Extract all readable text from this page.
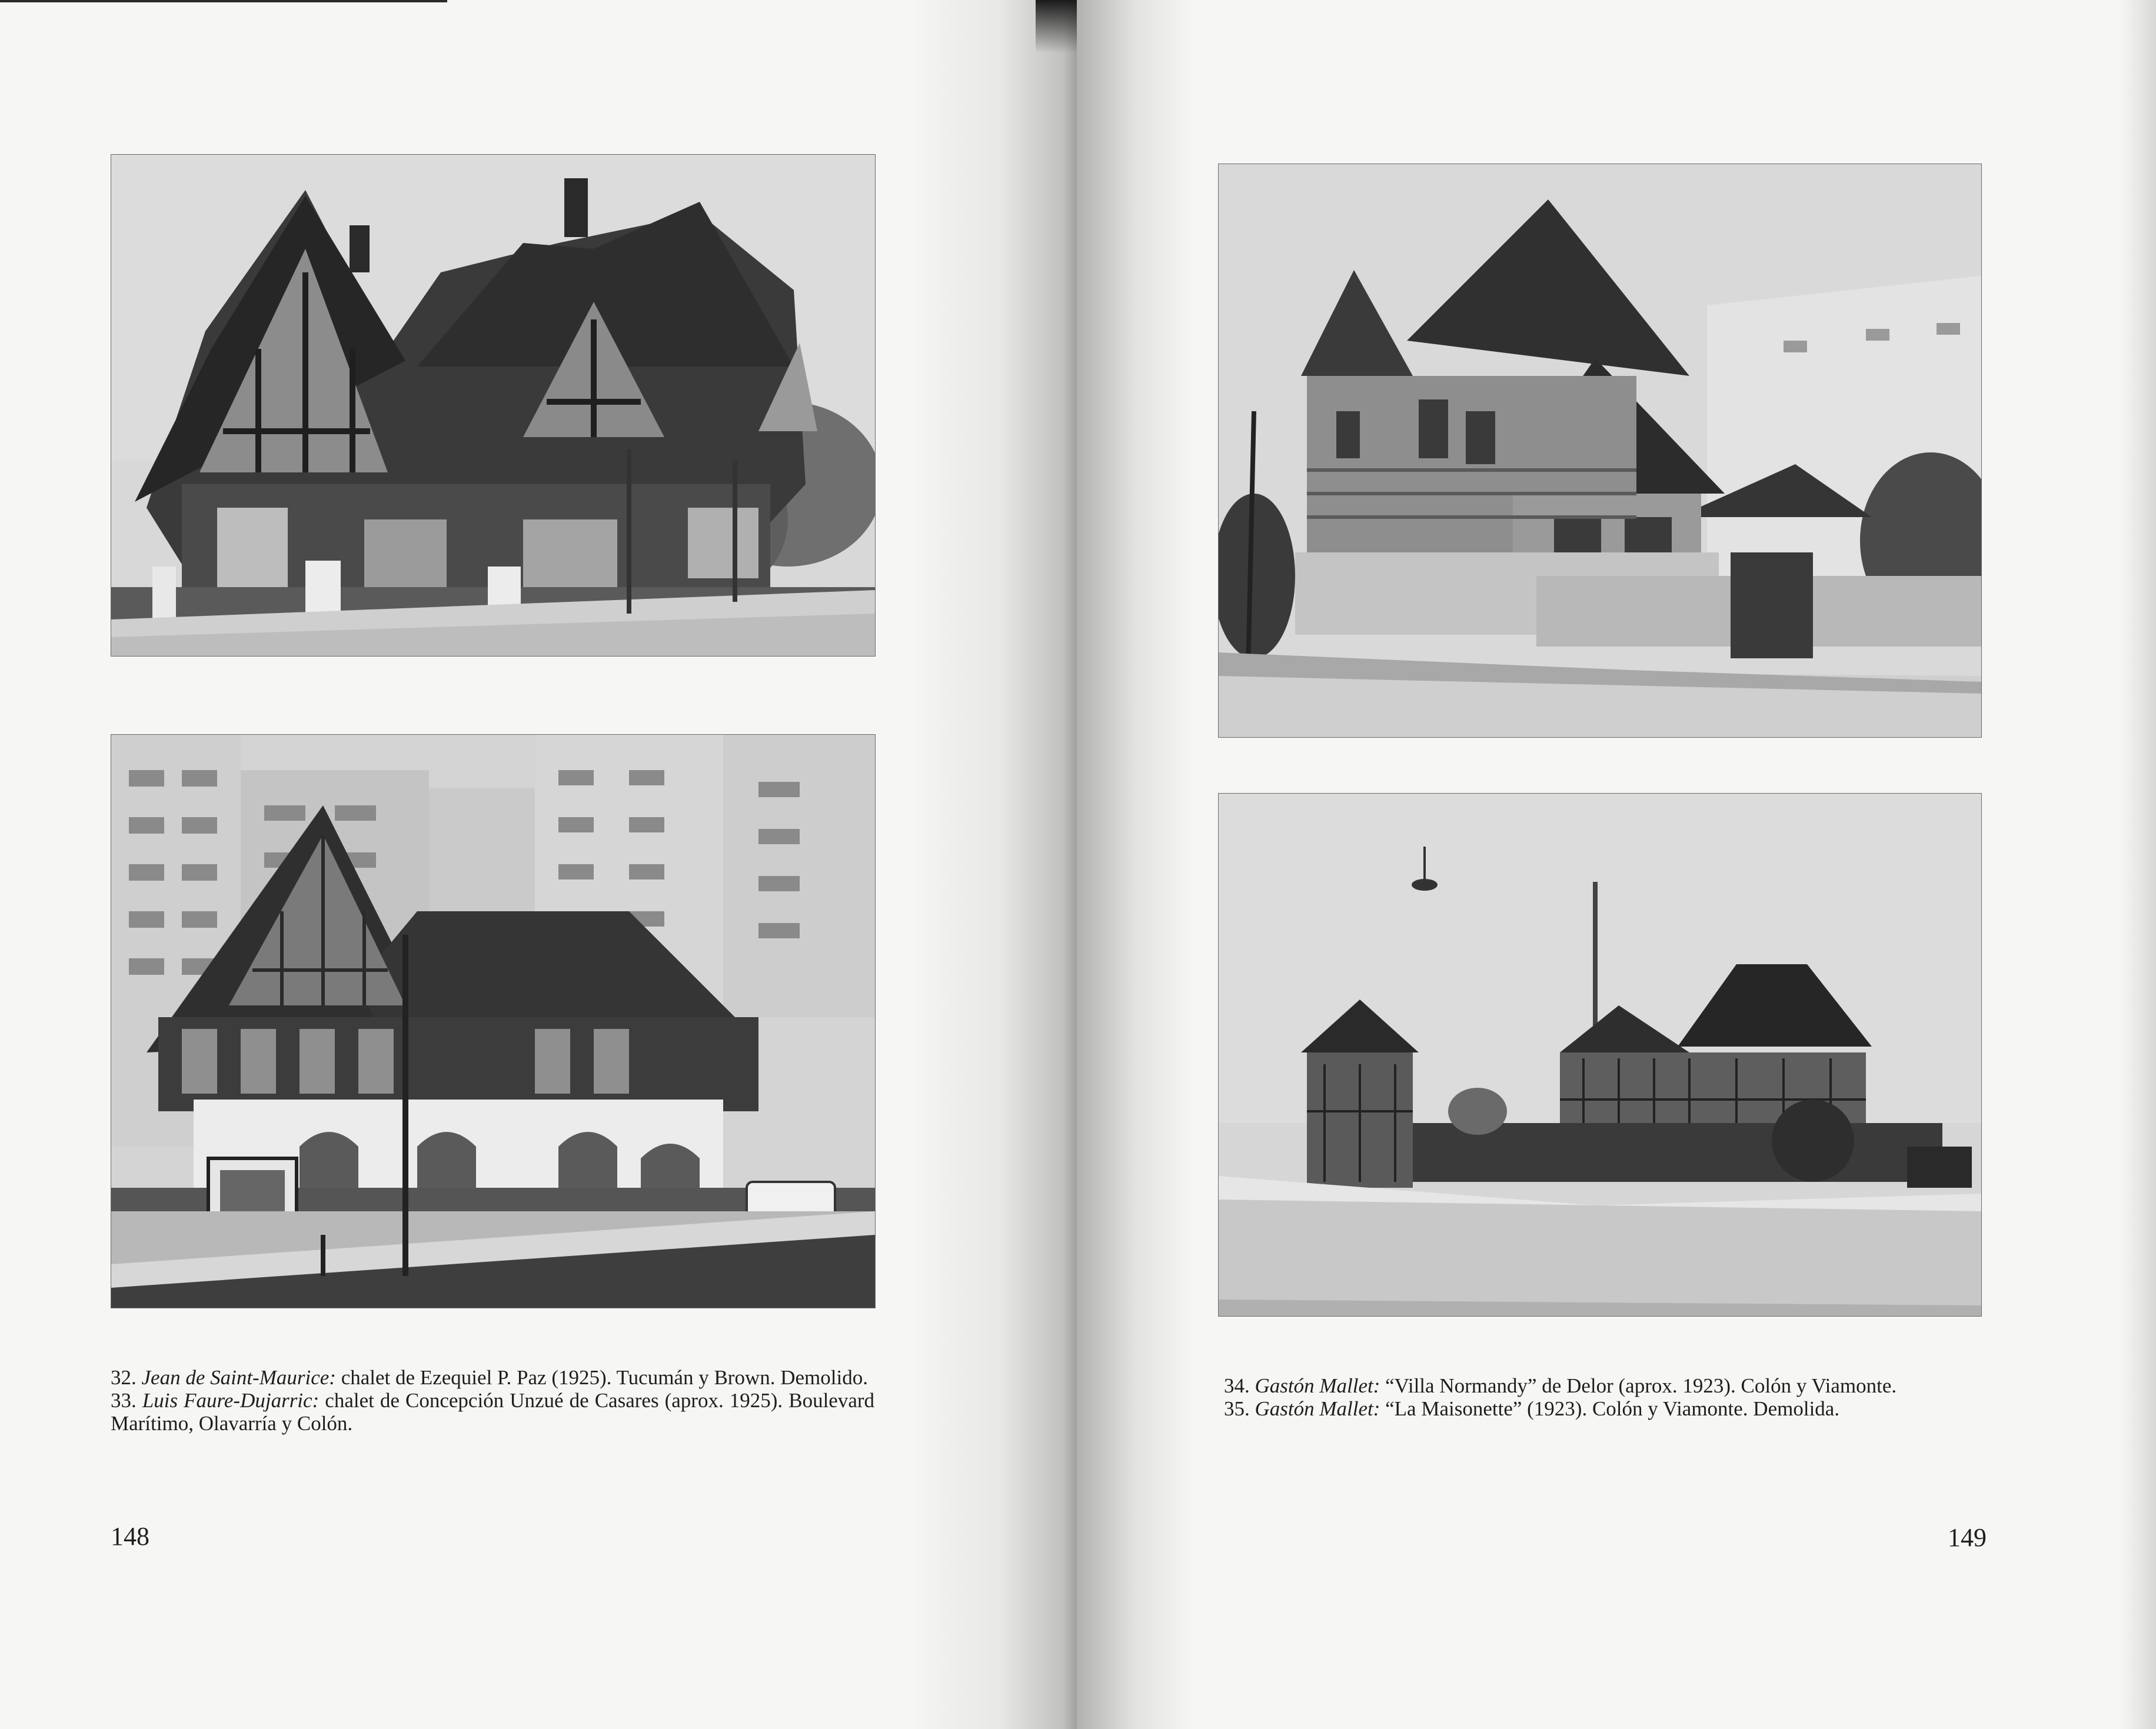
32. Jean de Saint-Maurice: chalet de Ezequiel P. Paz (1925). Tucumán y Brown. Demolido.

33. Luis Faure-Dujarric: chalet de Concepción Unzué de Casares (aprox. 1925). Boulevard Marítimo, Olavarría y Colón.

148

34. Gastón Mallet: “Villa Normandy” de Delor (aprox. 1923). Colón y Viamonte.

35. Gastón Mallet: “La Maisonette” (1923). Colón y Viamonte. Demolida.

149
